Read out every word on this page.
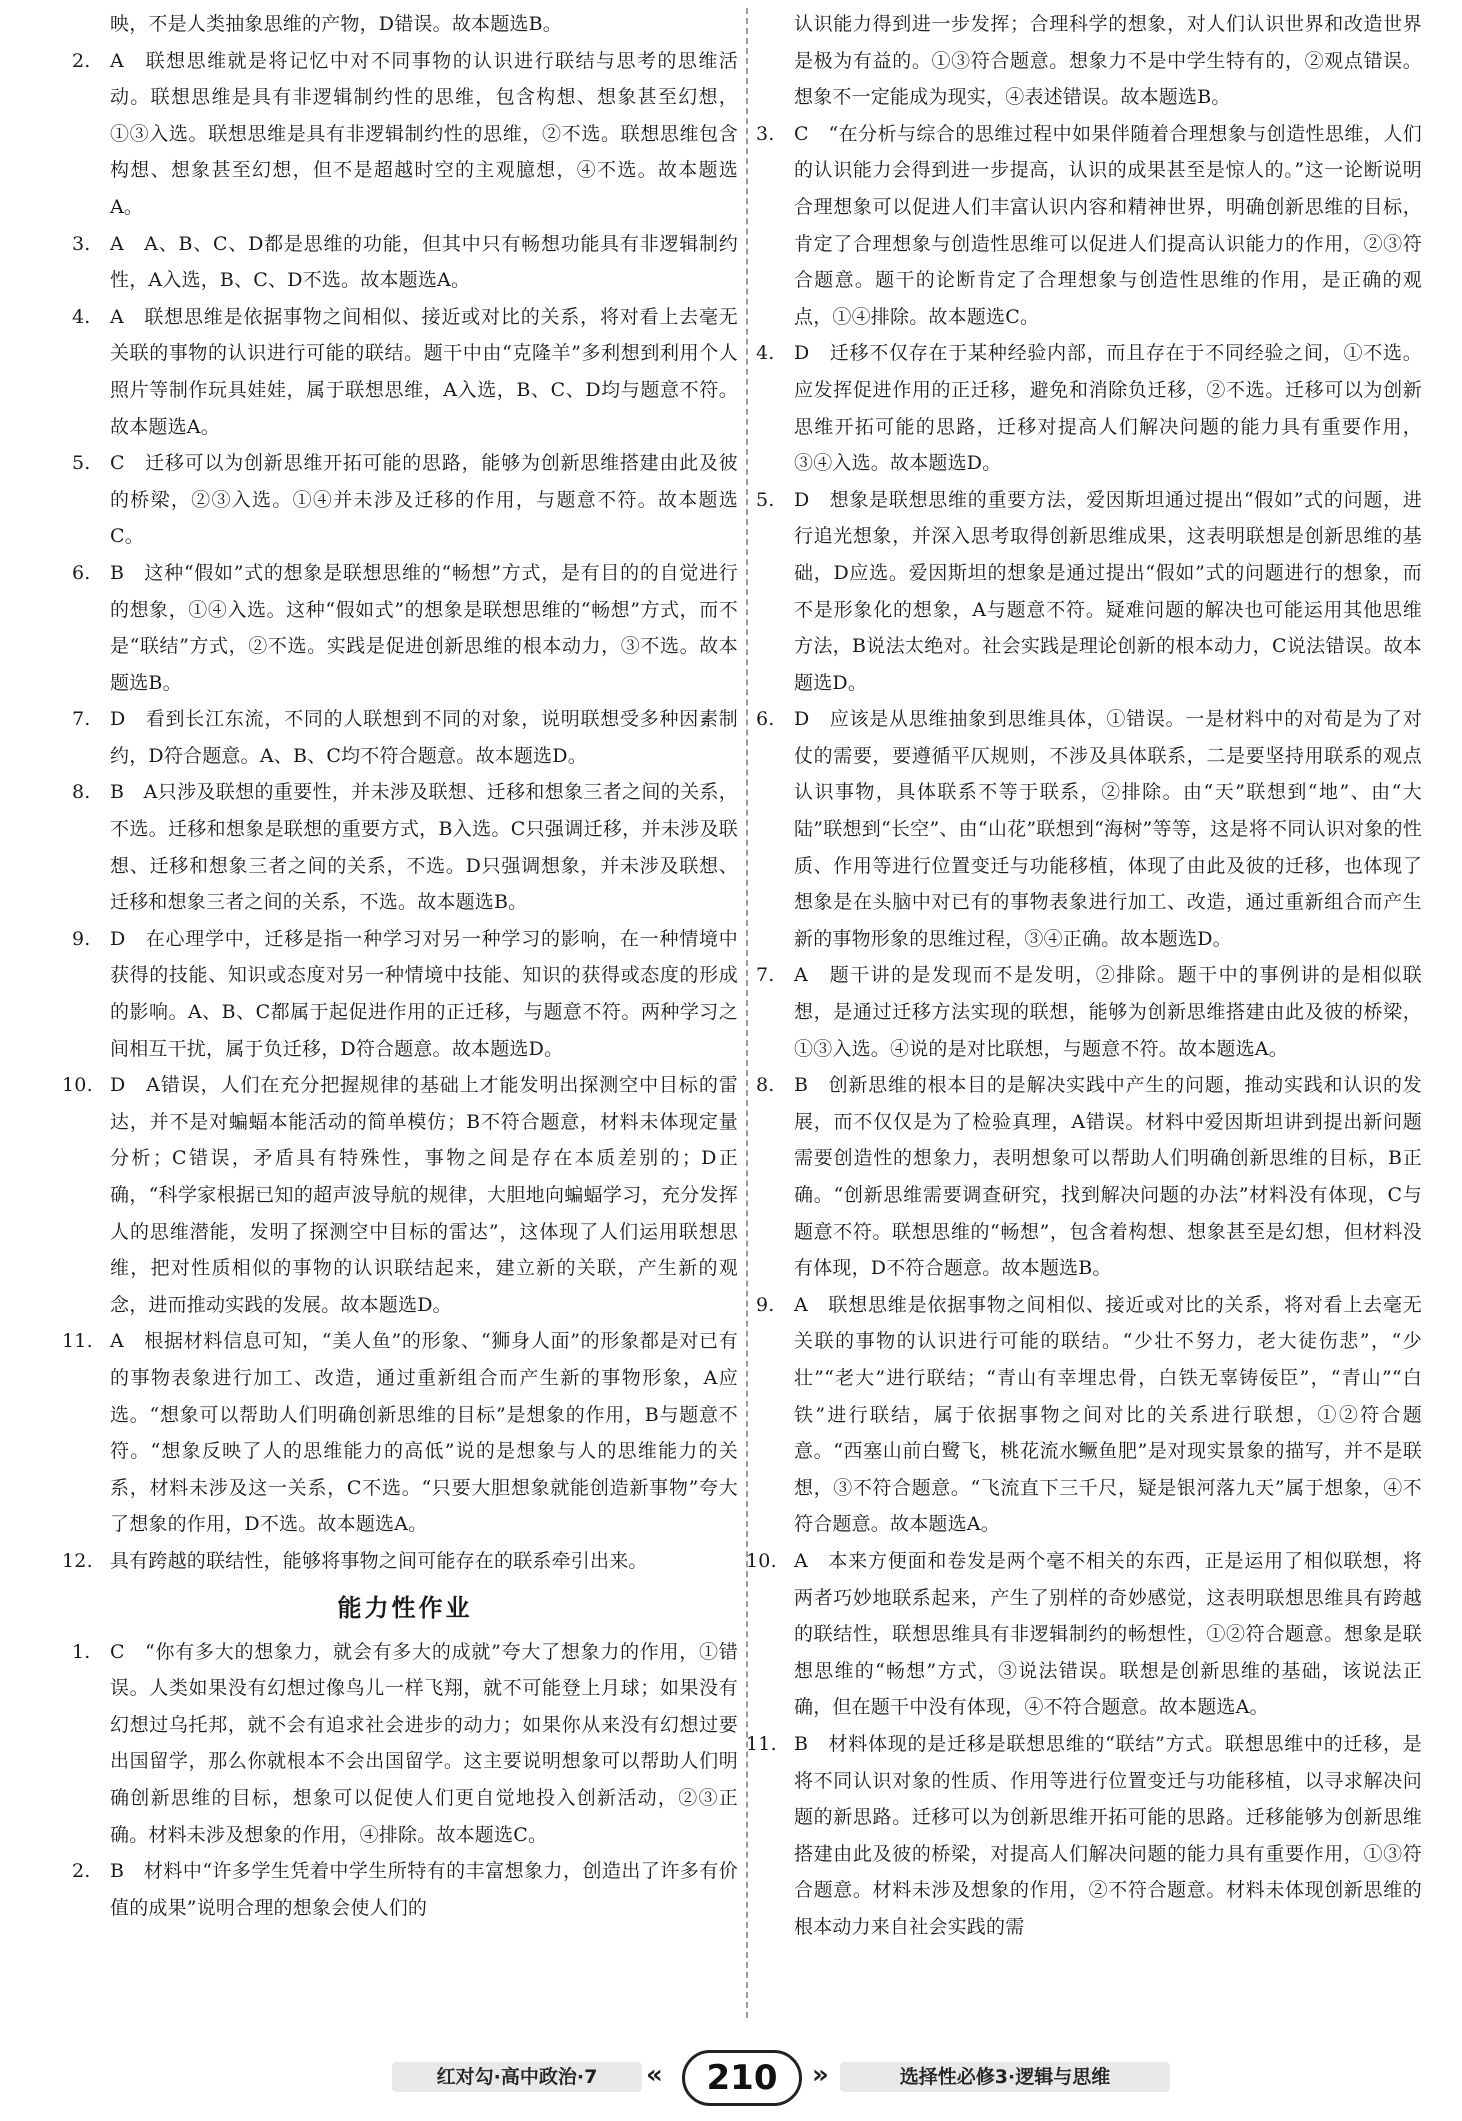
映，不是人类抽象思维的产物，D错误。故本题选B。

2. A　联想思维就是将记忆中对不同事物的认识进行联结与思考的思维活动。联想思维是具有非逻辑制约性的思维，包含构想、想象甚至幻想，①③入选。联想思维是具有非逻辑制约性的思维，②不选。联想思维包含构想、想象甚至幻想，但不是超越时空的主观臆想，④不选。故本题选A。
3. A　A、B、C、D都是思维的功能，但其中只有畅想功能具有非逻辑制约性，A入选，B、C、D不选。故本题选A。
4. A　联想思维是依据事物之间相似、接近或对比的关系，将对看上去毫无关联的事物的认识进行可能的联结。题干中由“克隆羊”多利想到利用个人照片等制作玩具娃娃，属于联想思维，A入选，B、C、D均与题意不符。故本题选A。
5. C　迁移可以为创新思维开拓可能的思路，能够为创新思维搭建由此及彼的桥梁，②③入选。①④并未涉及迁移的作用，与题意不符。故本题选C。
6. B　这种“假如”式的想象是联想思维的“畅想”方式，是有目的的自觉进行的想象，①④入选。这种“假如式”的想象是联想思维的“畅想”方式，而不是“联结”方式，②不选。实践是促进创新思维的根本动力，③不选。故本题选B。
7. D　看到长江东流，不同的人联想到不同的对象，说明联想受多种因素制约，D符合题意。A、B、C均不符合题意。故本题选D。
8. B　A只涉及联想的重要性，并未涉及联想、迁移和想象三者之间的关系，不选。迁移和想象是联想的重要方式，B入选。C只强调迁移，并未涉及联想、迁移和想象三者之间的关系，不选。D只强调想象，并未涉及联想、迁移和想象三者之间的关系，不选。故本题选B。
9. D　在心理学中，迁移是指一种学习对另一种学习的影响，在一种情境中获得的技能、知识或态度对另一种情境中技能、知识的获得或态度的形成的影响。A、B、C都属于起促进作用的正迁移，与题意不符。两种学习之间相互干扰，属于负迁移，D符合题意。故本题选D。
10. D　A错误，人们在充分把握规律的基础上才能发明出探测空中目标的雷达，并不是对蝙蝠本能活动的简单模仿；B不符合题意，材料未体现定量分析；C错误，矛盾具有特殊性，事物之间是存在本质差别的；D正确，“科学家根据已知的超声波导航的规律，大胆地向蝙蝠学习，充分发挥人的思维潜能，发明了探测空中目标的雷达”，这体现了人们运用联想思维，把对性质相似的事物的认识联结起来，建立新的关联，产生新的观念，进而推动实践的发展。故本题选D。
11. A　根据材料信息可知，“美人鱼”的形象、“狮身人面”的形象都是对已有的事物表象进行加工、改造，通过重新组合而产生新的事物形象，A应选。“想象可以帮助人们明确创新思维的目标”是想象的作用，B与题意不符。“想象反映了人的思维能力的高低”说的是想象与人的思维能力的关系，材料未涉及这一关系，C不选。“只要大胆想象就能创造新事物”夸大了想象的作用，D不选。故本题选A。
12. 具有跨越的联结性，能够将事物之间可能存在的联系牵引出来。
能力性作业
1. C　“你有多大的想象力，就会有多大的成就”夸大了想象力的作用，①错误。人类如果没有幻想过像鸟儿一样飞翔，就不可能登上月球；如果没有幻想过乌托邦，就不会有追求社会进步的动力；如果你从来没有幻想过要出国留学，那么你就根本不会出国留学。这主要说明想象可以帮助人们明确创新思维的目标，想象可以促使人们更自觉地投入创新活动，②③正确。材料未涉及想象的作用，④排除。故本题选C。
2. B　材料中“许多学生凭着中学生所特有的丰富想象力，创造出了许多有价值的成果”说明合理的想象会使人们的

认识能力得到进一步发挥；合理科学的想象，对人们认识世界和改造世界是极为有益的。①③符合题意。想象力不是中学生特有的，②观点错误。想象不一定能成为现实，④表述错误。故本题选B。

3. C　“在分析与综合的思维过程中如果伴随着合理想象与创造性思维，人们的认识能力会得到进一步提高，认识的成果甚至是惊人的。”这一论断说明合理想象可以促进人们丰富认识内容和精神世界，明确创新思维的目标，肯定了合理想象与创造性思维可以促进人们提高认识能力的作用，②③符合题意。题干的论断肯定了合理想象与创造性思维的作用，是正确的观点，①④排除。故本题选C。
4. D　迁移不仅存在于某种经验内部，而且存在于不同经验之间，①不选。应发挥促进作用的正迁移，避免和消除负迁移，②不选。迁移可以为创新思维开拓可能的思路，迁移对提高人们解决问题的能力具有重要作用，③④入选。故本题选D。
5. D　想象是联想思维的重要方法，爱因斯坦通过提出“假如”式的问题，进行追光想象，并深入思考取得创新思维成果，这表明联想是创新思维的基础，D应选。爱因斯坦的想象是通过提出“假如”式的问题进行的想象，而不是形象化的想象，A与题意不符。疑难问题的解决也可能运用其他思维方法，B说法太绝对。社会实践是理论创新的根本动力，C说法错误。故本题选D。
6. D　应该是从思维抽象到思维具体，①错误。一是材料中的对荀是为了对仗的需要，要遵循平仄规则，不涉及具体联系，二是要坚持用联系的观点认识事物，具体联系不等于联系，②排除。由“天”联想到“地”、由“大陆”联想到“长空”、由“山花”联想到“海树”等等，这是将不同认识对象的性质、作用等进行位置变迁与功能移植，体现了由此及彼的迁移，也体现了想象是在头脑中对已有的事物表象进行加工、改造，通过重新组合而产生新的事物形象的思维过程，③④正确。故本题选D。
7. A　题干讲的是发现而不是发明，②排除。题干中的事例讲的是相似联想，是通过迁移方法实现的联想，能够为创新思维搭建由此及彼的桥梁，①③入选。④说的是对比联想，与题意不符。故本题选A。
8. B　创新思维的根本目的是解决实践中产生的问题，推动实践和认识的发展，而不仅仅是为了检验真理，A错误。材料中爱因斯坦讲到提出新问题需要创造性的想象力，表明想象可以帮助人们明确创新思维的目标，B正确。“创新思维需要调查研究，找到解决问题的办法”材料没有体现，C与题意不符。联想思维的“畅想”，包含着构想、想象甚至是幻想，但材料没有体现，D不符合题意。故本题选B。
9. A　联想思维是依据事物之间相似、接近或对比的关系，将对看上去毫无关联的事物的认识进行可能的联结。“少壮不努力，老大徒伤悲”，“少壮”“老大”进行联结；“青山有幸埋忠骨，白铁无辜铸佞臣”，“青山”“白铁”进行联结，属于依据事物之间对比的关系进行联想，①②符合题意。“西塞山前白鹭飞，桃花流水鳜鱼肥”是对现实景象的描写，并不是联想，③不符合题意。“飞流直下三千尺，疑是银河落九天”属于想象，④不符合题意。故本题选A。
10. A　本来方便面和卷发是两个毫不相关的东西，正是运用了相似联想，将两者巧妙地联系起来，产生了别样的奇妙感觉，这表明联想思维具有跨越的联结性，联想思维具有非逻辑制约的畅想性，①②符合题意。想象是联想思维的“畅想”方式，③说法错误。联想是创新思维的基础，该说法正确，但在题干中没有体现，④不符合题意。故本题选A。
11. B　材料体现的是迁移是联想思维的“联结”方式。联想思维中的迁移，是将不同认识对象的性质、作用等进行位置变迁与功能移植，以寻求解决问题的新思路。迁移可以为创新思维开拓可能的思路。迁移能够为创新思维搭建由此及彼的桥梁，对提高人们解决问题的能力具有重要作用，①③符合题意。材料未涉及想象的作用，②不符合题意。材料未体现创新思维的根本动力来自社会实践的需
红对勾·高中政治·7	«	210	»	选择性必修3·逻辑与思维
